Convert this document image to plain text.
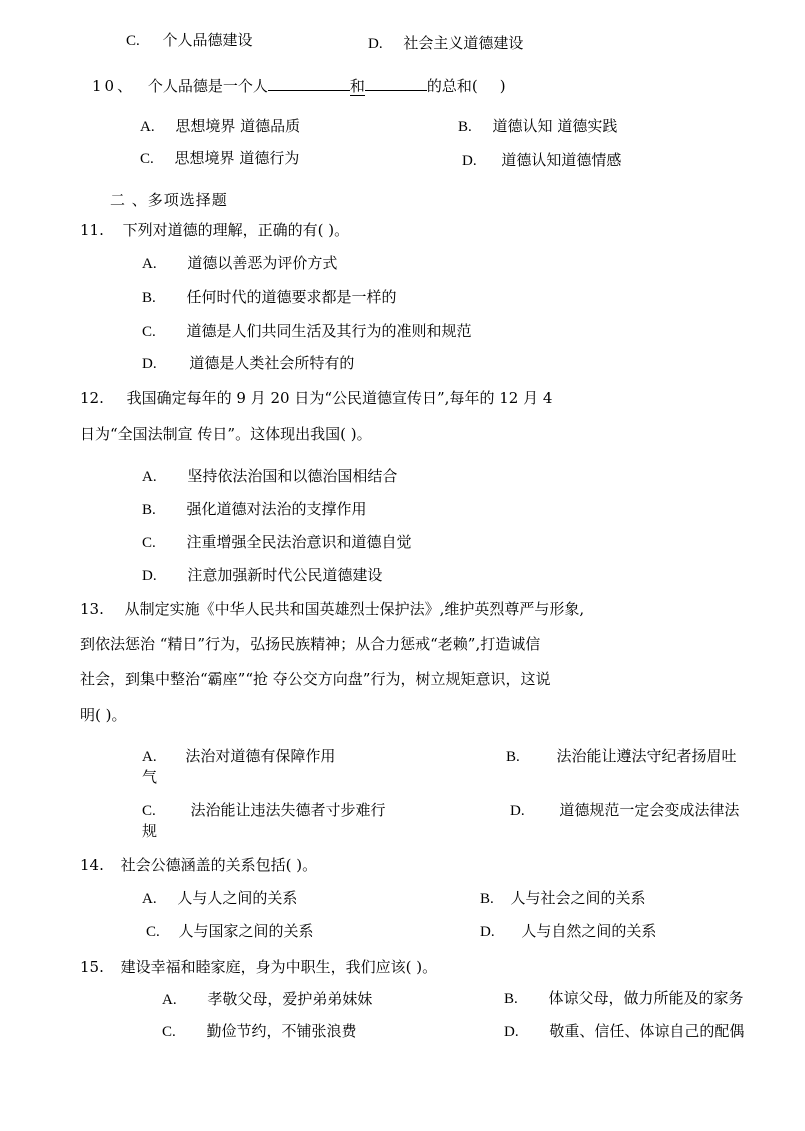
C. 个人品德建设	D. 社会主义道德建设
10、 个人品德是一个人	和	的总和( )
A. 思想境界 道德品质	B. 道德认知 道德实践
C. 思想境界 道德行为	D. 道德认知道德情感
二 、多项选择题
11. 下列对道德的理解，正确的有( )。
A. 道德以善恶为评价方式
B. 任何时代的道德要求都是一样的
C. 道德是人们共同生活及其行为的准则和规范
D. 道德是人类社会所特有的
12. 我国确定每年的 9 月 20 日为“公民道德宣传日”,每年的 12 月 4
日为“全国法制宣 传日”。这体现出我国( )。
A. 坚持依法治国和以德治国相结合
B. 强化道德对法治的支撑作用
C. 注重增强全民法治意识和道德自觉
D. 注意加强新时代公民道德建设
13. 从制定实施《中华人民共和国英雄烈士保护法》,维护英烈尊严与形象,
到依法惩治 “精日”行为，弘扬民族精神；从合力惩戒“老赖”,打造诚信
社会，到集中整治“霸座”“抢 夺公交方向盘”行为，树立规矩意识，这说
明( )。
A. 法治对道德有保障作用	B. 法治能让遵法守纪者扬眉吐
气
C. 法治能让违法失德者寸步难行	D. 道德规范一定会变成法律法
规
14. 社会公德涵盖的关系包括( )。
A. 人与人之间的关系	B. 人与社会之间的关系
C. 人与国家之间的关系	D. 人与自然之间的关系
15. 建设幸福和睦家庭，身为中职生，我们应该( )。
A. 孝敬父母，爱护弟弟妹妹	B. 体谅父母，做力所能及的家务
C. 勤俭节约，不铺张浪费	D. 敬重、信任、体谅自己的配偶
